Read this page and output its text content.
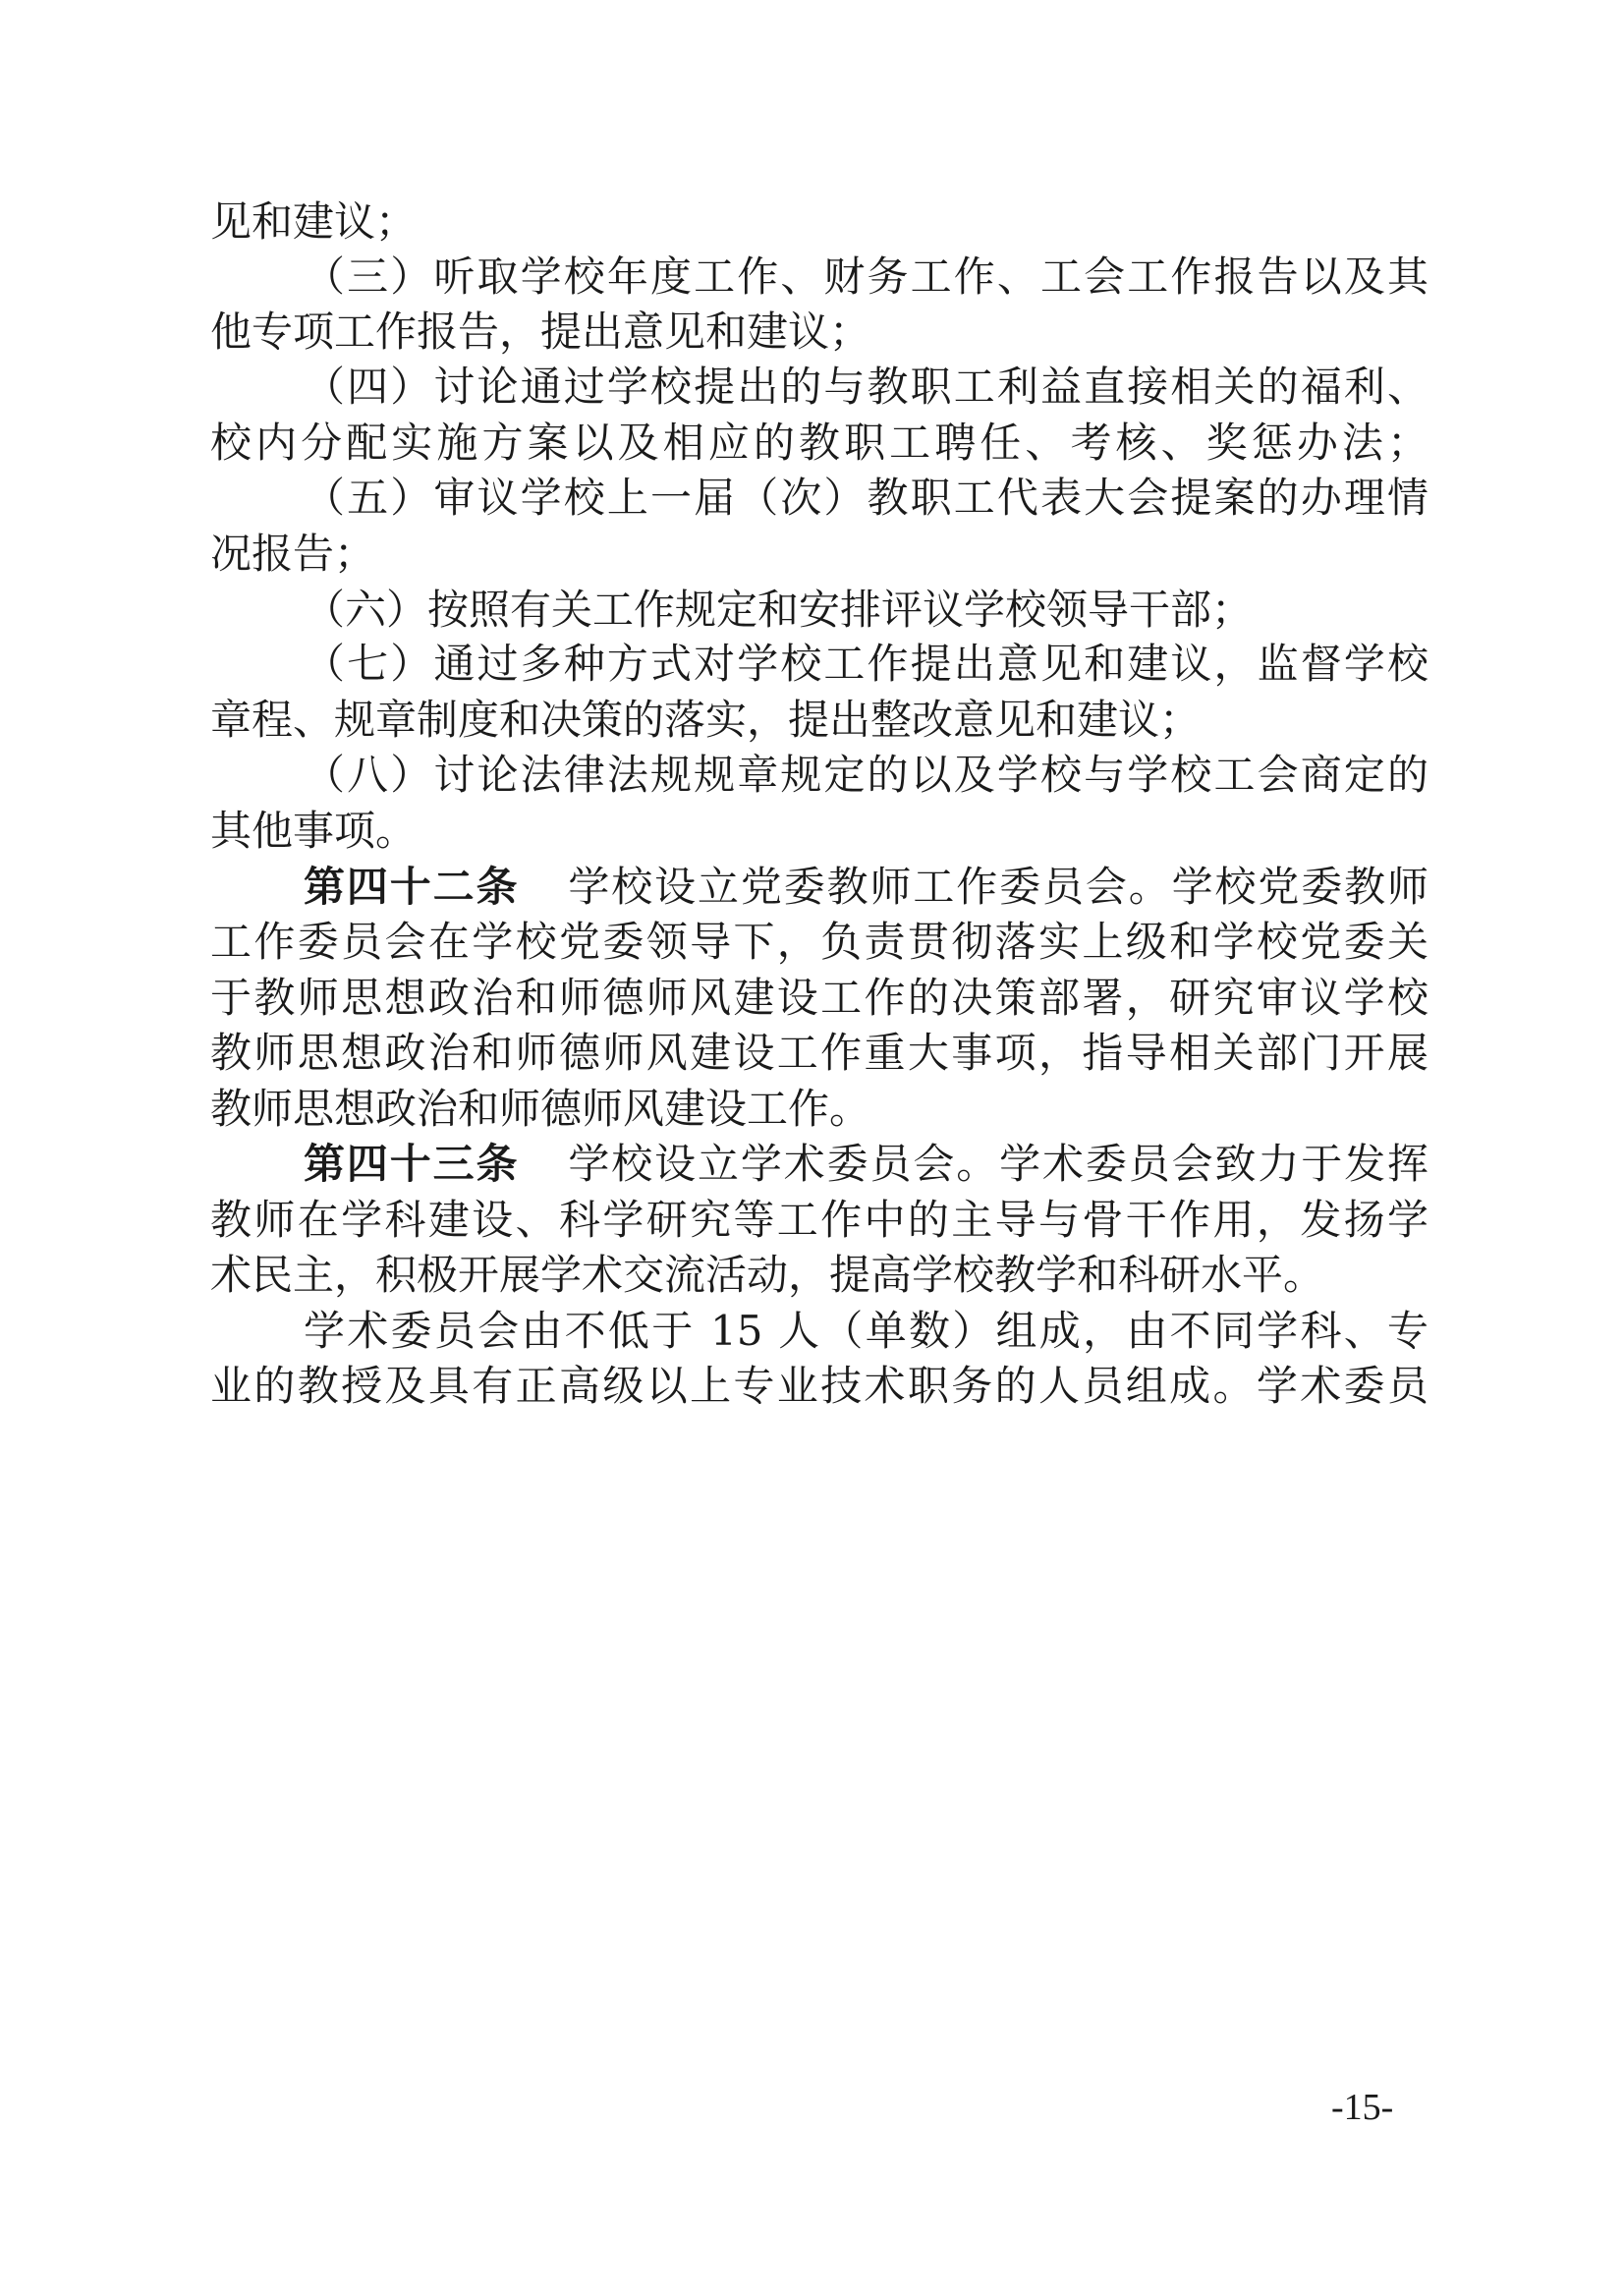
见和建议；
（三）听取学校年度工作、财务工作、工会工作报告以及其
他专项工作报告，提出意见和建议；
（四）讨论通过学校提出的与教职工利益直接相关的福利、
校内分配实施方案以及相应的教职工聘任、考核、奖惩办法；
（五）审议学校上一届（次）教职工代表大会提案的办理情
况报告；
（六）按照有关工作规定和安排评议学校领导干部；
（七）通过多种方式对学校工作提出意见和建议，监督学校
章程、规章制度和决策的落实，提出整改意见和建议；
（八）讨论法律法规规章规定的以及学校与学校工会商定的
其他事项。
第四十二条 学校设立党委教师工作委员会。学校党委教师
工作委员会在学校党委领导下，负责贯彻落实上级和学校党委关
于教师思想政治和师德师风建设工作的决策部署，研究审议学校
教师思想政治和师德师风建设工作重大事项，指导相关部门开展
教师思想政治和师德师风建设工作。
第四十三条 学校设立学术委员会。学术委员会致力于发挥
教师在学科建设、科学研究等工作中的主导与骨干作用，发扬学
术民主，积极开展学术交流活动，提高学校教学和科研水平。
学术委员会由不低于 15 人（单数）组成，由不同学科、专
业的教授及具有正高级以上专业技术职务的人员组成。学术委员
-15-
